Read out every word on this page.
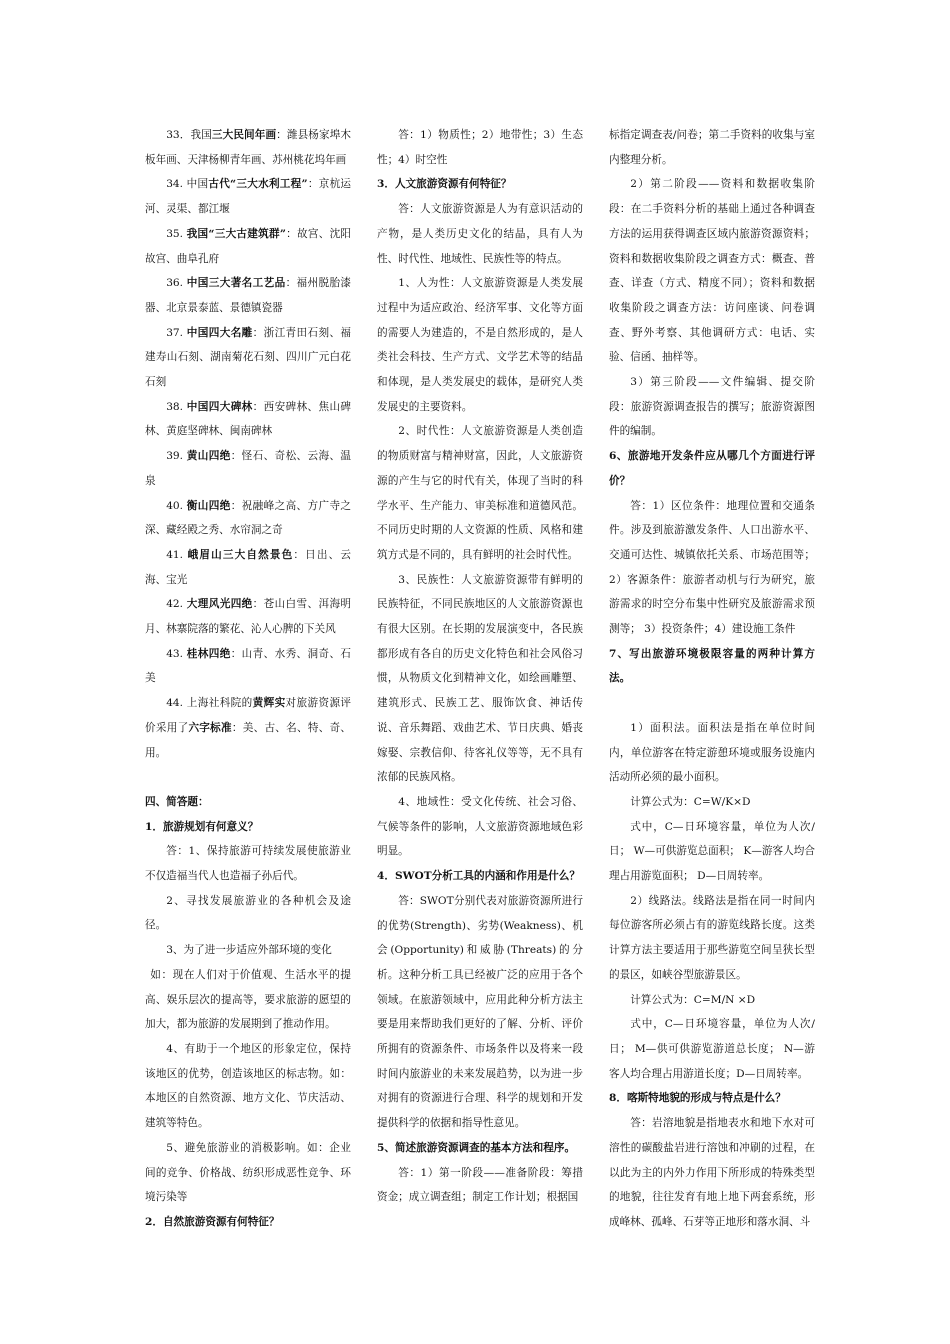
33．我国三大民间年画：潍县杨家埠木板年画、天津杨柳青年画、苏州桃花坞年画

34. 中国古代“三大水利工程”：京杭运河、灵渠、都江堰

35. 我国“三大古建筑群”：故宫、沈阳故宫、曲阜孔府

36. 中国三大著名工艺品：福州脱胎漆器、北京景泰蓝、景德镇瓷器

37. 中国四大名雕：浙江青田石刻、福建寿山石刻、湖南菊花石刻、四川广元白花石刻

38. 中国四大碑林：西安碑林、焦山碑林、黄庭坚碑林、闽南碑林

39. 黄山四绝：怪石、奇松、云海、温泉

40. 衡山四绝：祝融峰之高、方广寺之深、藏经殿之秀、水帘洞之奇

41. 峨眉山三大自然景色：日出、云海、宝光

42. 大理风光四绝：苍山白雪、洱海明月、林寨院落的繁花、沁人心脾的下关风

43. 桂林四绝：山青、水秀、洞奇、石美

44. 上海社科院的黄辉实对旅游资源评价采用了六字标准：美、古、名、特、奇、用。

四、简答题：

1．旅游规划有何意义？

答：1、保持旅游可持续发展使旅游业不仅造福当代人也造福子孙后代。

2、寻找发展旅游业的各种机会及途径。

3、为了进一步适应外部环境的变化

如：现在人们对于价值观、生活水平的提高、娱乐层次的提高等，要求旅游的愿望的加大，都为旅游的发展期到了推动作用。

4、有助于一个地区的形象定位，保持该地区的优势，创造该地区的标志物。如：本地区的自然资源、地方文化、节庆活动、建筑等特色。

5、避免旅游业的消极影响。如：企业间的竞争、价格战、纺织形成恶性竞争、环境污染等

2．自然旅游资源有何特征？

答：1）物质性；2）地带性；3）生态性；4）时空性

3．人文旅游资源有何特征？

答：人文旅游资源是人为有意识活动的产物，是人类历史文化的结晶，具有人为性、时代性、地域性、民族性等的特点。

1、人为性：人文旅游资源是人类发展过程中为适应政治、经济军事、文化等方面的需要人为建造的，不是自然形成的，是人类社会科技、生产方式、文学艺术等的结晶和体现，是人类发展史的载体，是研究人类发展史的主要资料。

2、时代性：人文旅游资源是人类创造的物质财富与精神财富，因此，人文旅游资源的产生与它的时代有关，体现了当时的科学水平、生产能力、审美标准和道德风范。不同历史时期的人文资源的性质、风格和建筑方式是不同的，具有鲜明的社会时代性。

3、民族性：人文旅游资源带有鲜明的民族特征，不同民族地区的人文旅游资源也有很大区别。在长期的发展演变中，各民族都形成有各自的历史文化特色和社会风俗习惯，从物质文化到精神文化，如绘画雕塑、建筑形式、民族工艺、服饰饮食、神话传说、音乐舞蹈、戏曲艺术、节日庆典、婚丧嫁娶、宗教信仰、待客礼仪等等，无不具有浓郁的民族风格。

4、地域性：受文化传统、社会习俗、气候等条件的影响，人文旅游资源地域色彩明显。

4．SWOT分析工具的内涵和作用是什么？

答：SWOT分别代表对旅游资源所进行的优势(Strength)、劣势(Weakness)、机会(Opportunity)和威胁(Threats)的分析。这种分析工具已经被广泛的应用于各个领域。在旅游领域中，应用此种分析方法主要是用来帮助我们更好的了解、分析、评价所拥有的资源条件、市场条件以及将来一段时间内旅游业的未来发展趋势，以为进一步对拥有的资源进行合理、科学的规划和开发提供科学的依据和指导性意见。

5、简述旅游资源调查的基本方法和程序。

答：1）第一阶段——准备阶段：筹措资金；成立调查组；制定工作计划；根据国

标指定调查表/问卷；第二手资料的收集与室内整理分析。

2）第二阶段——资料和数据收集阶段：在二手资料分析的基础上通过各种调查方法的运用获得调查区域内旅游资源资料；资料和数据收集阶段之调查方式：概查、普查、详查（方式、精度不同）；资料和数据收集阶段之调查方法：访问座谈、问卷调查、野外考察、其他调研方式：电话、实验、信函、抽样等。

3）第三阶段——文件编辑、提交阶段：旅游资源调查报告的撰写；旅游资源图件的编制。

6、旅游地开发条件应从哪几个方面进行评价？

答：1）区位条件：地理位置和交通条件。涉及到旅游激发条件、人口出游水平、交通可达性、城镇依托关系、市场范围等；2）客源条件：旅游者动机与行为研究，旅游需求的时空分布集中性研究及旅游需求预测等； 3）投资条件；4）建设施工条件

7、写出旅游环境极限容量的两种计算方法。

1）面积法。面积法是指在单位时间内，单位游客在特定游憩环境或服务设施内活动所必须的最小面积。

计算公式为：C=W/K×D

式中，C—日环境容量，单位为人次/日； W—可供游览总面积； K—游客人均合理占用游览面积； D—日周转率。

2）线路法。线路法是指在同一时间内每位游客所必须占有的游览线路长度。这类计算方法主要适用于那些游览空间呈狭长型的景区，如峡谷型旅游景区。

计算公式为：C=M/N ×D

式中，C—日环境容量，单位为人次/日； M—供可供游览游道总长度； N—游客人均合理占用游道长度；D—日周转率。

8．喀斯特地貌的形成与特点是什么？

答：岩溶地貌是指地表水和地下水对可溶性的碳酸盐岩进行溶蚀和冲刷的过程，在以此为主的内外力作用下所形成的特殊类型的地貌，往往发育有地上地下两套系统，形成峰林、孤峰、石芽等正地形和落水洞、斗
